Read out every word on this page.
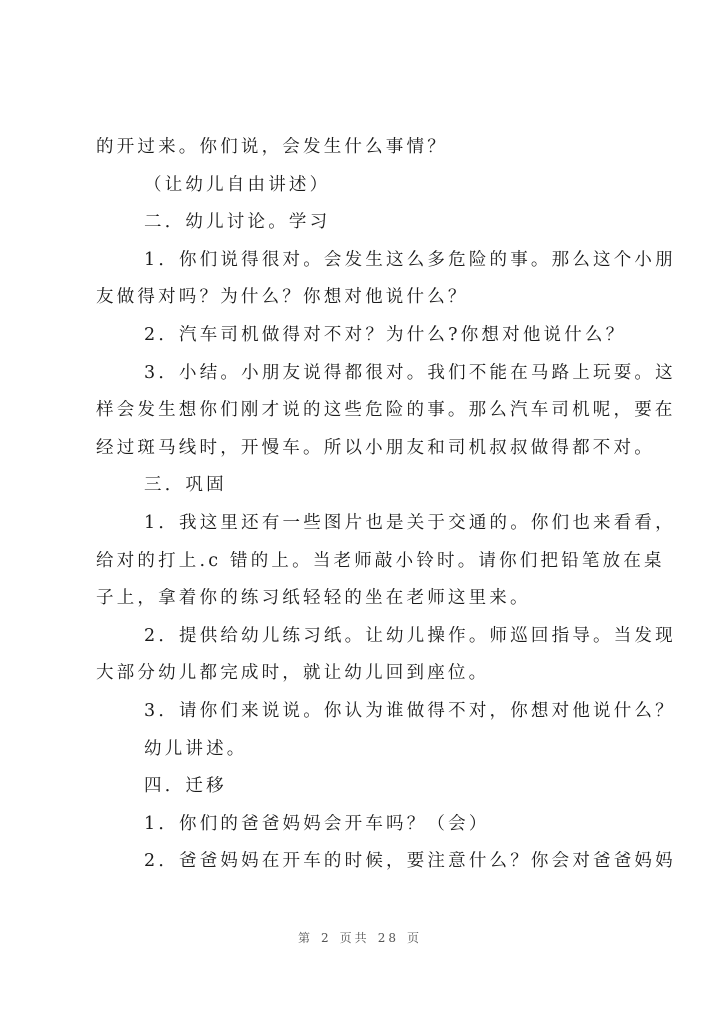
的开过来。你们说，会发生什么事情？
（让幼儿自由讲述）
二．幼儿讨论。学习
1．你们说得很对。会发生这么多危险的事。那么这个小朋
友做得对吗？为什么？你想对他说什么？
2．汽车司机做得对不对？为什么?你想对他说什么？
3．小结。小朋友说得都很对。我们不能在马路上玩耍。这
样会发生想你们刚才说的这些危险的事。那么汽车司机呢，要在
经过斑马线时，开慢车。所以小朋友和司机叔叔做得都不对。
三．巩固
1．我这里还有一些图片也是关于交通的。你们也来看看，
给对的打上.c 错的上。当老师敲小铃时。请你们把铅笔放在桌
子上，拿着你的练习纸轻轻的坐在老师这里来。
2．提供给幼儿练习纸。让幼儿操作。师巡回指导。当发现
大部分幼儿都完成时，就让幼儿回到座位。
3．请你们来说说。你认为谁做得不对，你想对他说什么？
幼儿讲述。
四．迁移
1．你们的爸爸妈妈会开车吗？（会）
2．爸爸妈妈在开车的时候，要注意什么？你会对爸爸妈妈
第 2 页共 28 页
